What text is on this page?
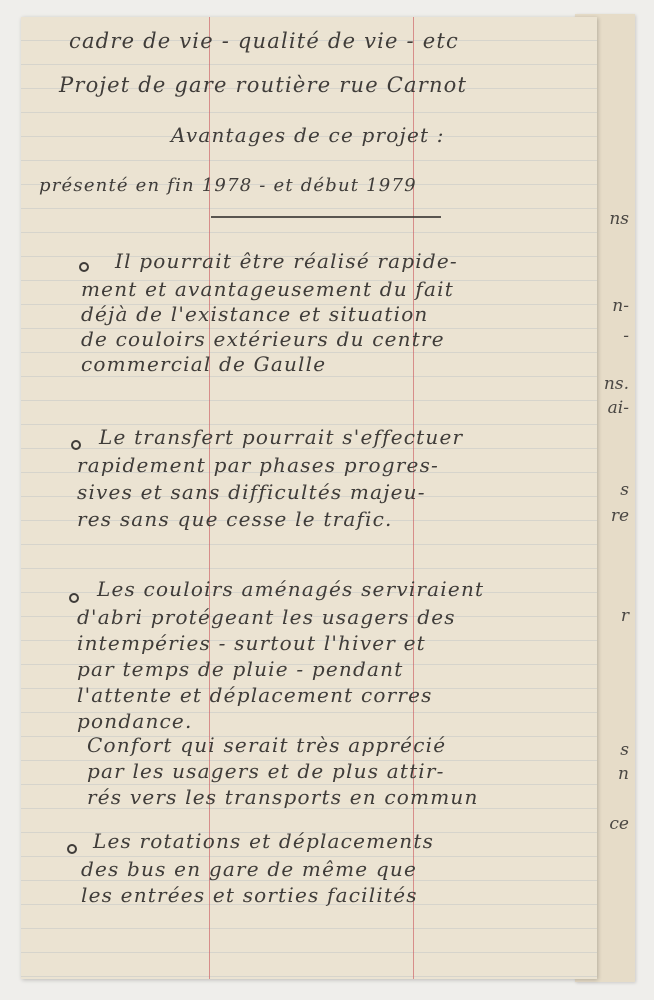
ns
n-
-
ns.
ai-
s
re
r
s
n
ce
cadre de vie - qualité de vie - etc
Projet de gare routière rue Carnot
Avantages de ce projet :
présenté en fin 1978 - et début 1979
Il pourrait être réalisé rapide-
ment et avantageusement du fait
déjà de l'existance et situation
de couloirs extérieurs du centre
commercial de Gaulle
Le transfert pourrait s'effectuer
rapidement par phases progres-
sives et sans difficultés majeu-
res sans que cesse le trafic.
Les couloirs aménagés serviraient
d'abri protégeant les usagers des
intempéries - surtout l'hiver et
par temps de pluie - pendant
l'attente et déplacement corres
pondance.
Confort qui serait très apprécié
par les usagers et de plus attir-
rés vers les transports en commun
Les rotations et déplacements
des bus en gare de même que
les entrées et sorties facilités
